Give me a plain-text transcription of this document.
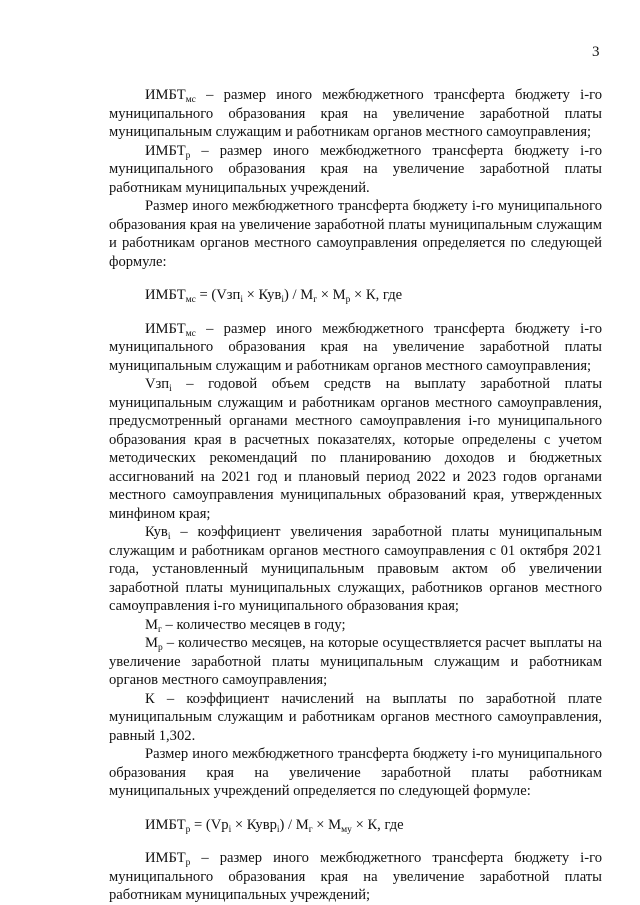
3

$ИМБТ_{мс}$ – размер иного межбюджетного трансферта бюджету i-го муниципального образования края на увеличение заработной платы муниципальным служащим и работникам органов местного самоуправления;

$ИМБТ_р$ – размер иного межбюджетного трансферта бюджету i-го муниципального образования края на увеличение заработной платы работникам муниципальных учреждений.

Размер иного межбюджетного трансферта бюджету i-го муниципального образования края на увеличение заработной платы муниципальным служащим и работникам органов местного самоуправления определяется по следующей формуле:

$ИМБТ_{мс} = (Vзп_i \times Кув_i) / М_г \times М_р \times К$, где

$ИМБТ_{мс}$ – размер иного межбюджетного трансферта бюджету i-го муниципального образования края на увеличение заработной платы муниципальным служащим и работникам органов местного самоуправления;

Vзп$_i$ – годовой объем средств на выплату заработной платы муниципальным служащим и работникам органов местного самоуправления, предусмотренный органами местного самоуправления i-го муниципального образования края в расчетных показателях, которые определены с учетом методических рекомендаций по планированию доходов и бюджетных ассигнований на 2021 год и плановый период 2022 и 2023 годов органами местного самоуправления муниципальных образований края, утвержденных минфином края;

Кув$_i$ – коэффициент увеличения заработной платы муниципальным служащим и работникам органов местного самоуправления с 01 октября 2021 года, установленный муниципальным правовым актом об увеличении заработной платы муниципальных служащих, работников органов местного самоуправления i-го муниципального образования края;

$М_г$ – количество месяцев в году;

$М_р$ – количество месяцев, на которые осуществляется расчет выплаты на увеличение заработной платы муниципальным служащим и работникам органов местного самоуправления;

К – коэффициент начислений на выплаты по заработной плате муниципальным служащим и работникам органов местного самоуправления, равный 1,302.

Размер иного межбюджетного трансферта бюджету i-го муниципального образования края на увеличение заработной платы работникам муниципальных учреждений определяется по следующей формуле:

$ИМБТ_р = (Vр_i$ × Кувр$_i$) / $М_г \times М_{му} \times К$, где

$ИМБТ_р$ – размер иного межбюджетного трансферта бюджету i-го муниципального образования края на увеличение заработной платы работникам муниципальных учреждений;
